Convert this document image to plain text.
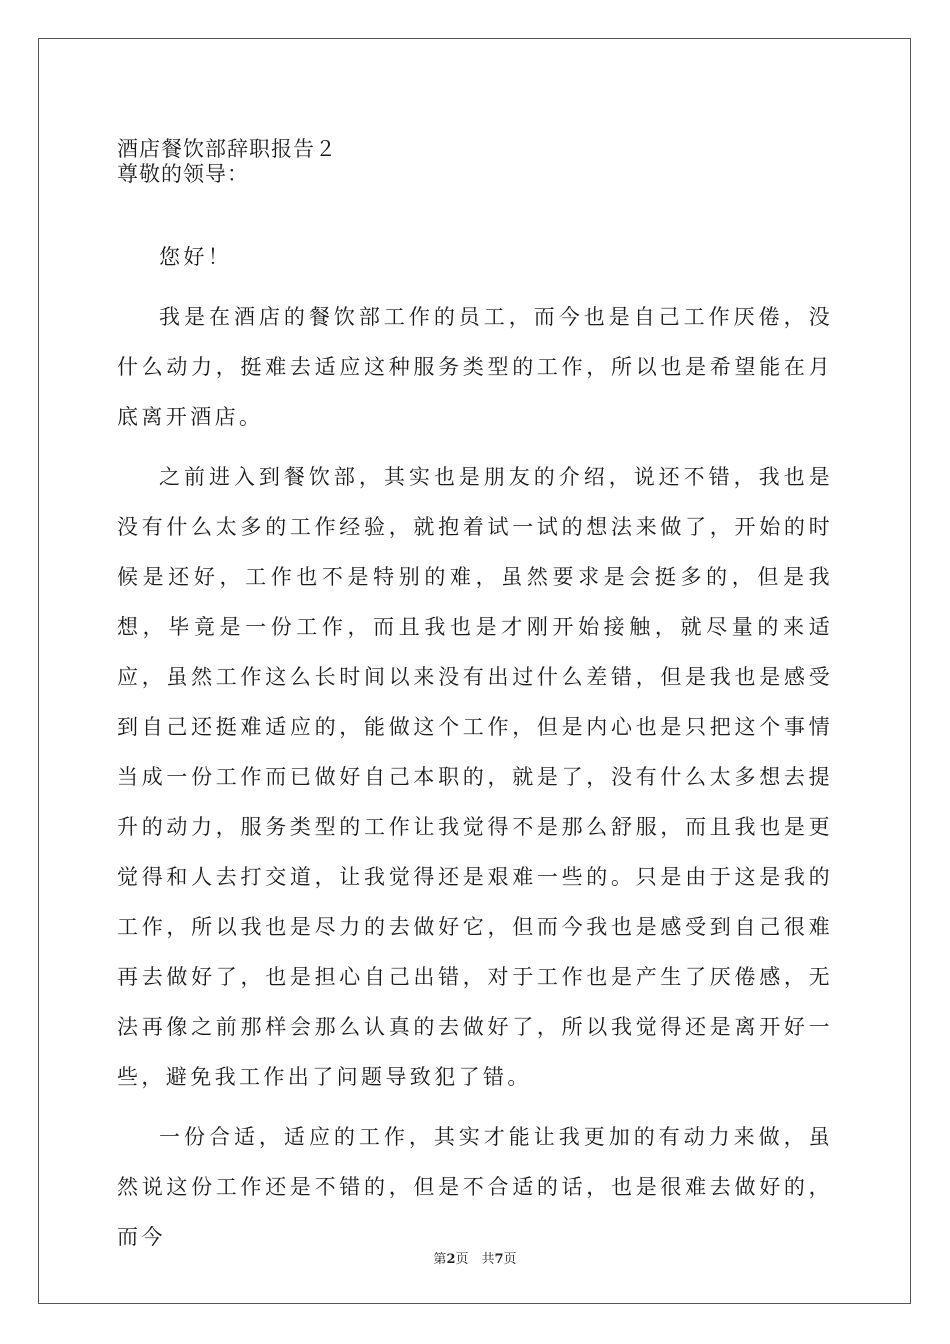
酒店餐饮部辞职报告２
尊敬的领导：

您好！

我是在酒店的餐饮部工作的员工，而今也是自己工作厌倦，没什么动力，挺难去适应这种服务类型的工作，所以也是希望能在月底离开酒店。

之前进入到餐饮部，其实也是朋友的介绍，说还不错，我也是没有什么太多的工作经验，就抱着试一试的想法来做了，开始的时候是还好，工作也不是特别的难，虽然要求是会挺多的，但是我想，毕竟是一份工作，而且我也是才刚开始接触，就尽量的来适应，虽然工作这么长时间以来没有出过什么差错，但是我也是感受到自己还挺难适应的，能做这个工作，但是内心也是只把这个事情当成一份工作而已做好自己本职的，就是了，没有什么太多想去提升的动力，服务类型的工作让我觉得不是那么舒服，而且我也是更觉得和人去打交道，让我觉得还是艰难一些的。只是由于这是我的工作，所以我也是尽力的去做好它，但而今我也是感受到自己很难再去做好了，也是担心自己出错，对于工作也是产生了厌倦感，无法再像之前那样会那么认真的去做好了，所以我觉得还是离开好一些，避免我工作出了问题导致犯了错。

一份合适，适应的工作，其实才能让我更加的有动力来做，虽然说这份工作还是不错的，但是不合适的话，也是很难去做好的，而今

第2页　共7页
